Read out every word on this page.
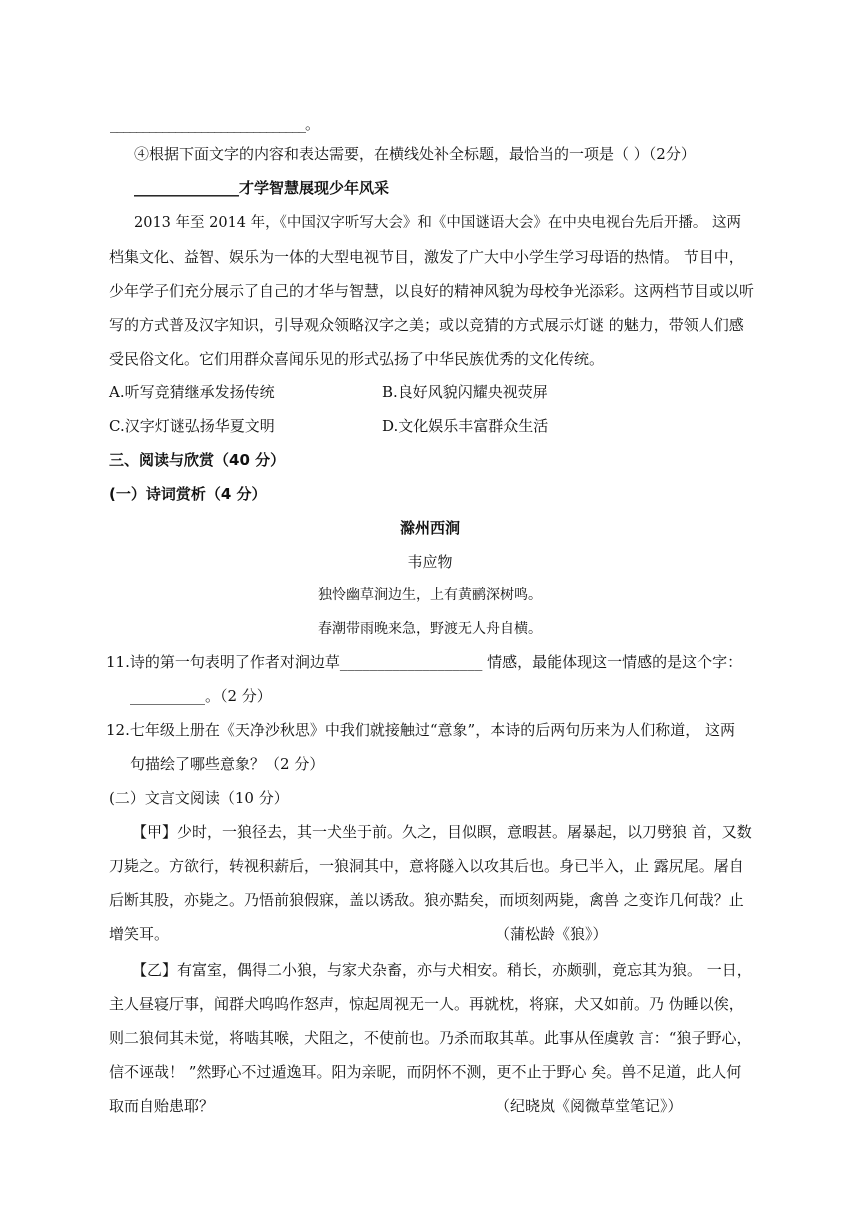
______________________________。
④根据下面文字的内容和表达需要，在横线处补全标题，最恰当的一项是（ ）（2分）
______________才学智慧展现少年风采
2013 年至 2014 年，《中国汉字听写大会》和《中国谜语大会》在中央电视台先后开播。 这两
档集文化、益智、娱乐为一体的大型电视节目，激发了广大中小学生学习母语的热情。 节目中，
少年学子们充分展示了自己的才华与智慧，以良好的精神风貌为母校争光添彩。这两档节目或以听
写的方式普及汉字知识，引导观众领略汉字之美；或以竞猜的方式展示灯谜 的魅力，带领人们感
受民俗文化。它们用群众喜闻乐见的形式弘扬了中华民族优秀的文化传统。
A.听写竞猜继承发扬传统	B.良好风貌闪耀央视荧屏
C.汉字灯谜弘扬华夏文明	D.文化娱乐丰富群众生活
三、阅读与欣赏（40 分）
(一）诗词赏析（4 分）
滁州西涧
韦应物
独怜幽草涧边生，上有黄鹂深树鸣。
春潮带雨晚来急，野渡无人舟自横。
11.诗的第一句表明了作者对涧边草___________________ 情感，最能体现这一情感的是这个字：
__________。（2 分）
12.七年级上册在《天净沙秋思》中我们就接触过“意象”，本诗的后两句历来为人们称道， 这两
句描绘了哪些意象？（2 分）
(二）文言文阅读（10 分）
【甲】少时，一狼径去，其一犬坐于前。久之，目似瞑，意暇甚。屠暴起，以刀劈狼 首，又数
刀毙之。方欲行，转视积薪后，一狼洞其中，意将隧入以攻其后也。身已半入，止 露尻尾。屠自
后断其股，亦毙之。乃悟前狼假寐，盖以诱敌。狼亦黠矣，而顷刻两毙，禽兽 之变诈几何哉？止
增笑耳。	（蒲松龄《狼》）
【乙】有富室，偶得二小狼，与家犬杂畜，亦与犬相安。稍长，亦颇驯，竟忘其为狼。 一日，
主人昼寝厅事，闻群犬呜呜作怒声，惊起周视无一人。再就枕，将寐，犬又如前。乃 伪睡以俟，
则二狼伺其未觉，将啮其喉，犬阻之，不使前也。乃杀而取其革。此事从侄虞敦 言：“狼子野心，
信不诬哉！ ”然野心不过遁逸耳。阳为亲昵，而阴怀不测，更不止于野心 矣。兽不足道，此人何
取而自贻患耶？	（纪晓岚《阅微草堂笔记》）
